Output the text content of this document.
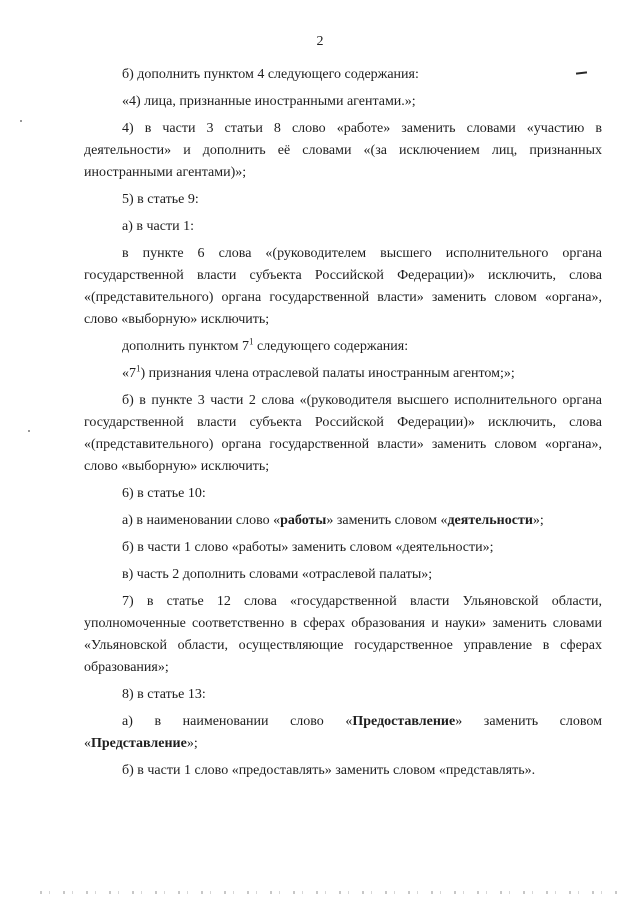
2

б) дополнить пунктом 4 следующего содержания:

«4) лица, признанные иностранными агентами.»;

4) в части 3 статьи 8 слово «работе» заменить словами «участию в деятельности» и дополнить её словами «(за исключением лиц, признанных иностранными агентами)»;

5) в статье 9:

а) в части 1:

в пункте 6 слова «(руководителем высшего исполнительного органа государственной власти субъекта Российской Федерации)» исключить, слова «(представительного) органа государственной власти» заменить словом «органа», слово «выборную» исключить;

дополнить пунктом $7^1$ следующего содержания:

«$7^1$) признания члена отраслевой палаты иностранным агентом;»;

б) в пункте 3 части 2 слова «(руководителя высшего исполнительного органа государственной власти субъекта Российской Федерации)» исключить, слова «(представительного) органа государственной власти» заменить словом «органа», слово «выборную» исключить;

6) в статье 10:

а) в наименовании слово «работы» заменить словом «деятельности»;

б) в части 1 слово «работы» заменить словом «деятельности»;

в) часть 2 дополнить словами «отраслевой палаты»;

7) в статье 12 слова «государственной власти Ульяновской области, уполномоченные соответственно в сферах образования и науки» заменить словами «Ульяновской области, осуществляющие государственное управление в сферах образования»;

8) в статье 13:

а) в наименовании слово «Предоставление» заменить словом

«Представление»;

б) в части 1 слово «предоставлять» заменить словом «представлять».
